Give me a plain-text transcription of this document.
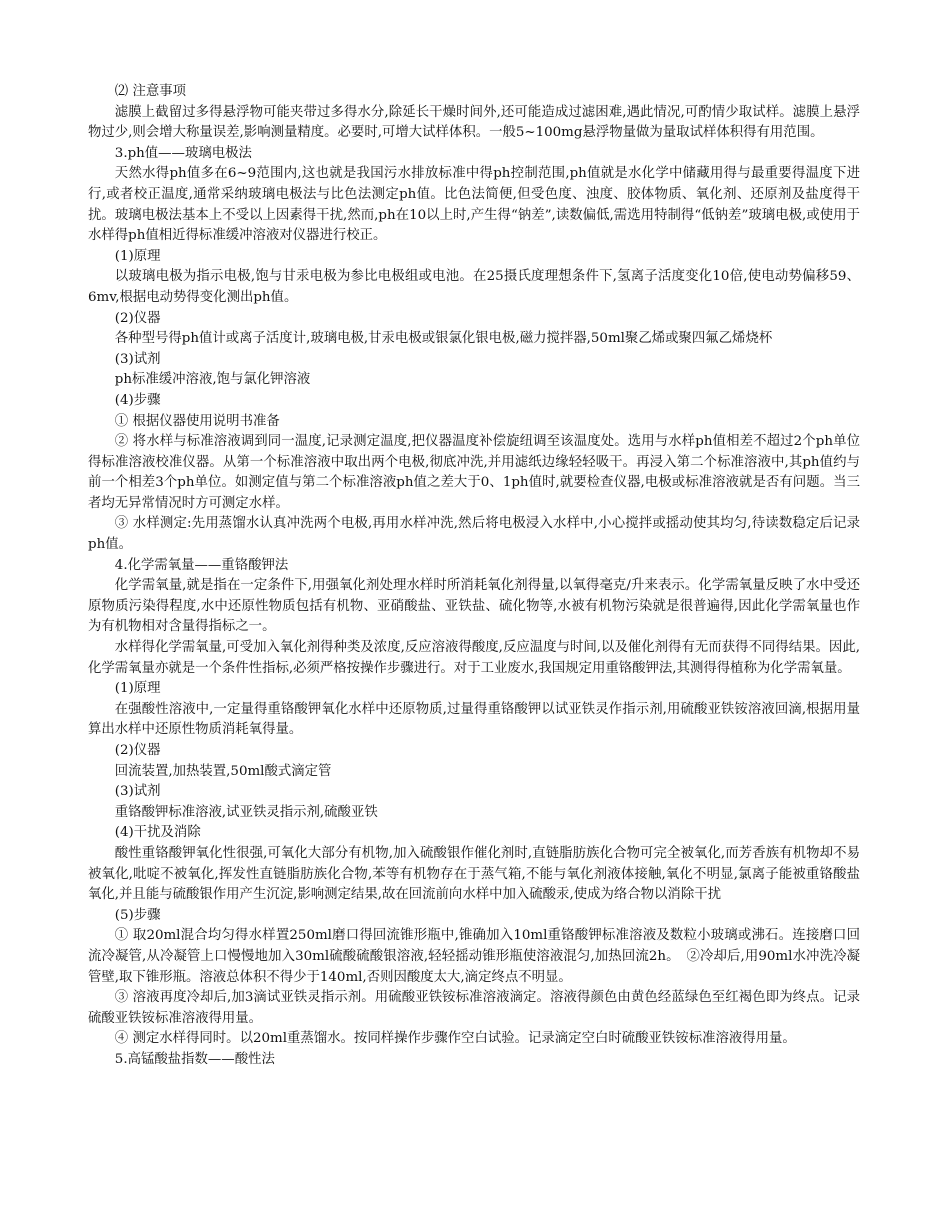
⑵ 注意事项

滤膜上截留过多得悬浮物可能夹带过多得水分,除延长干燥时间外,还可能造成过滤困难,遇此情况,可酌情少取试样。滤膜上悬浮物过少,则会增大称量误差,影响测量精度。必要时,可增大试样体积。一般5~100mg悬浮物量做为量取试样体积得有用范围。

3.ph值——玻璃电极法

天然水得ph值多在6~9范围内,这也就是我国污水排放标准中得ph控制范围,ph值就是水化学中储藏用得与最重要得温度下进行,或者校正温度,通常采纳玻璃电极法与比色法测定ph值。比色法简便,但受色度、浊度、胶体物质、氧化剂、还原剂及盐度得干扰。玻璃电极法基本上不受以上因素得干扰,然而,ph在10以上时,产生得“钠差”,读数偏低,需选用特制得“低钠差”玻璃电极,或使用于水样得ph值相近得标准缓冲溶液对仪器进行校正。

(1)原理

以玻璃电极为指示电极,饱与甘汞电极为参比电极组或电池。在25摄氏度理想条件下,氢离子活度变化10倍,使电动势偏移59、6mv,根据电动势得变化测出ph值。

(2)仪器

各种型号得ph值计或离子活度计,玻璃电极,甘汞电极或银氯化银电极,磁力搅拌器,50ml聚乙烯或聚四氟乙烯烧杯

(3)试剂

ph标准缓冲溶液,饱与氯化钾溶液

(4)步骤

① 根据仪器使用说明书准备

② 将水样与标准溶液调到同一温度,记录测定温度,把仪器温度补偿旋纽调至该温度处。选用与水样ph值相差不超过2个ph单位得标准溶液校准仪器。从第一个标准溶液中取出两个电极,彻底冲洗,并用滤纸边缘轻轻吸干。再浸入第二个标准溶液中,其ph值约与前一个相差3个ph单位。如测定值与第二个标准溶液ph值之差大于0、1ph值时,就要检查仪器,电极或标准溶液就是否有问题。当三者均无异常情况时方可测定水样。

③ 水样测定:先用蒸馏水认真冲洗两个电极,再用水样冲洗,然后将电极浸入水样中,小心搅拌或摇动使其均匀,待读数稳定后记录ph值。

4.化学需氧量——重铬酸钾法

化学需氧量,就是指在一定条件下,用强氧化剂处理水样时所消耗氧化剂得量,以氧得毫克/升来表示。化学需氧量反映了水中受还原物质污染得程度,水中还原性物质包括有机物、亚硝酸盐、亚铁盐、硫化物等,水被有机物污染就是很普遍得,因此化学需氧量也作为有机物相对含量得指标之一。

水样得化学需氧量,可受加入氧化剂得种类及浓度,反应溶液得酸度,反应温度与时间,以及催化剂得有无而获得不同得结果。因此,化学需氧量亦就是一个条件性指标,必须严格按操作步骤进行。对于工业废水,我国规定用重铬酸钾法,其测得得植称为化学需氧量。

(1)原理

在强酸性溶液中,一定量得重铬酸钾氧化水样中还原物质,过量得重铬酸钾以试亚铁灵作指示剂,用硫酸亚铁铵溶液回滴,根据用量算出水样中还原性物质消耗氧得量。

(2)仪器

回流装置,加热装置,50ml酸式滴定管

(3)试剂

重铬酸钾标准溶液,试亚铁灵指示剂,硫酸亚铁

(4)干扰及消除

酸性重铬酸钾氧化性很强,可氧化大部分有机物,加入硫酸银作催化剂时,直链脂肪族化合物可完全被氧化,而芳香族有机物却不易被氧化,吡啶不被氧化,挥发性直链脂肪族化合物,苯等有机物存在于蒸气箱,不能与氧化剂液体接触,氧化不明显,氯离子能被重铬酸盐氧化,并且能与硫酸银作用产生沉淀,影响测定结果,故在回流前向水样中加入硫酸汞,使成为络合物以消除干扰

(5)步骤

① 取20ml混合均匀得水样置250ml磨口得回流锥形瓶中,锥确加入10ml重铬酸钾标准溶液及数粒小玻璃或沸石。连接磨口回流冷凝管,从冷凝管上口慢慢地加入30ml硫酸硫酸银溶液,轻轻摇动锥形瓶使溶液混匀,加热回流2h。　②冷却后,用90ml水冲洗冷凝管壁,取下锥形瓶。溶液总体积不得少于140ml,否则因酸度太大,滴定终点不明显。

③ 溶液再度冷却后,加3滴试亚铁灵指示剂。用硫酸亚铁铵标准溶液滴定。溶液得颜色由黄色经蓝绿色至红褐色即为终点。记录硫酸亚铁铵标准溶液得用量。

④ 测定水样得同时。以20ml重蒸馏水。按同样操作步骤作空白试验。记录滴定空白时硫酸亚铁铵标准溶液得用量。

5.高锰酸盐指数——酸性法
